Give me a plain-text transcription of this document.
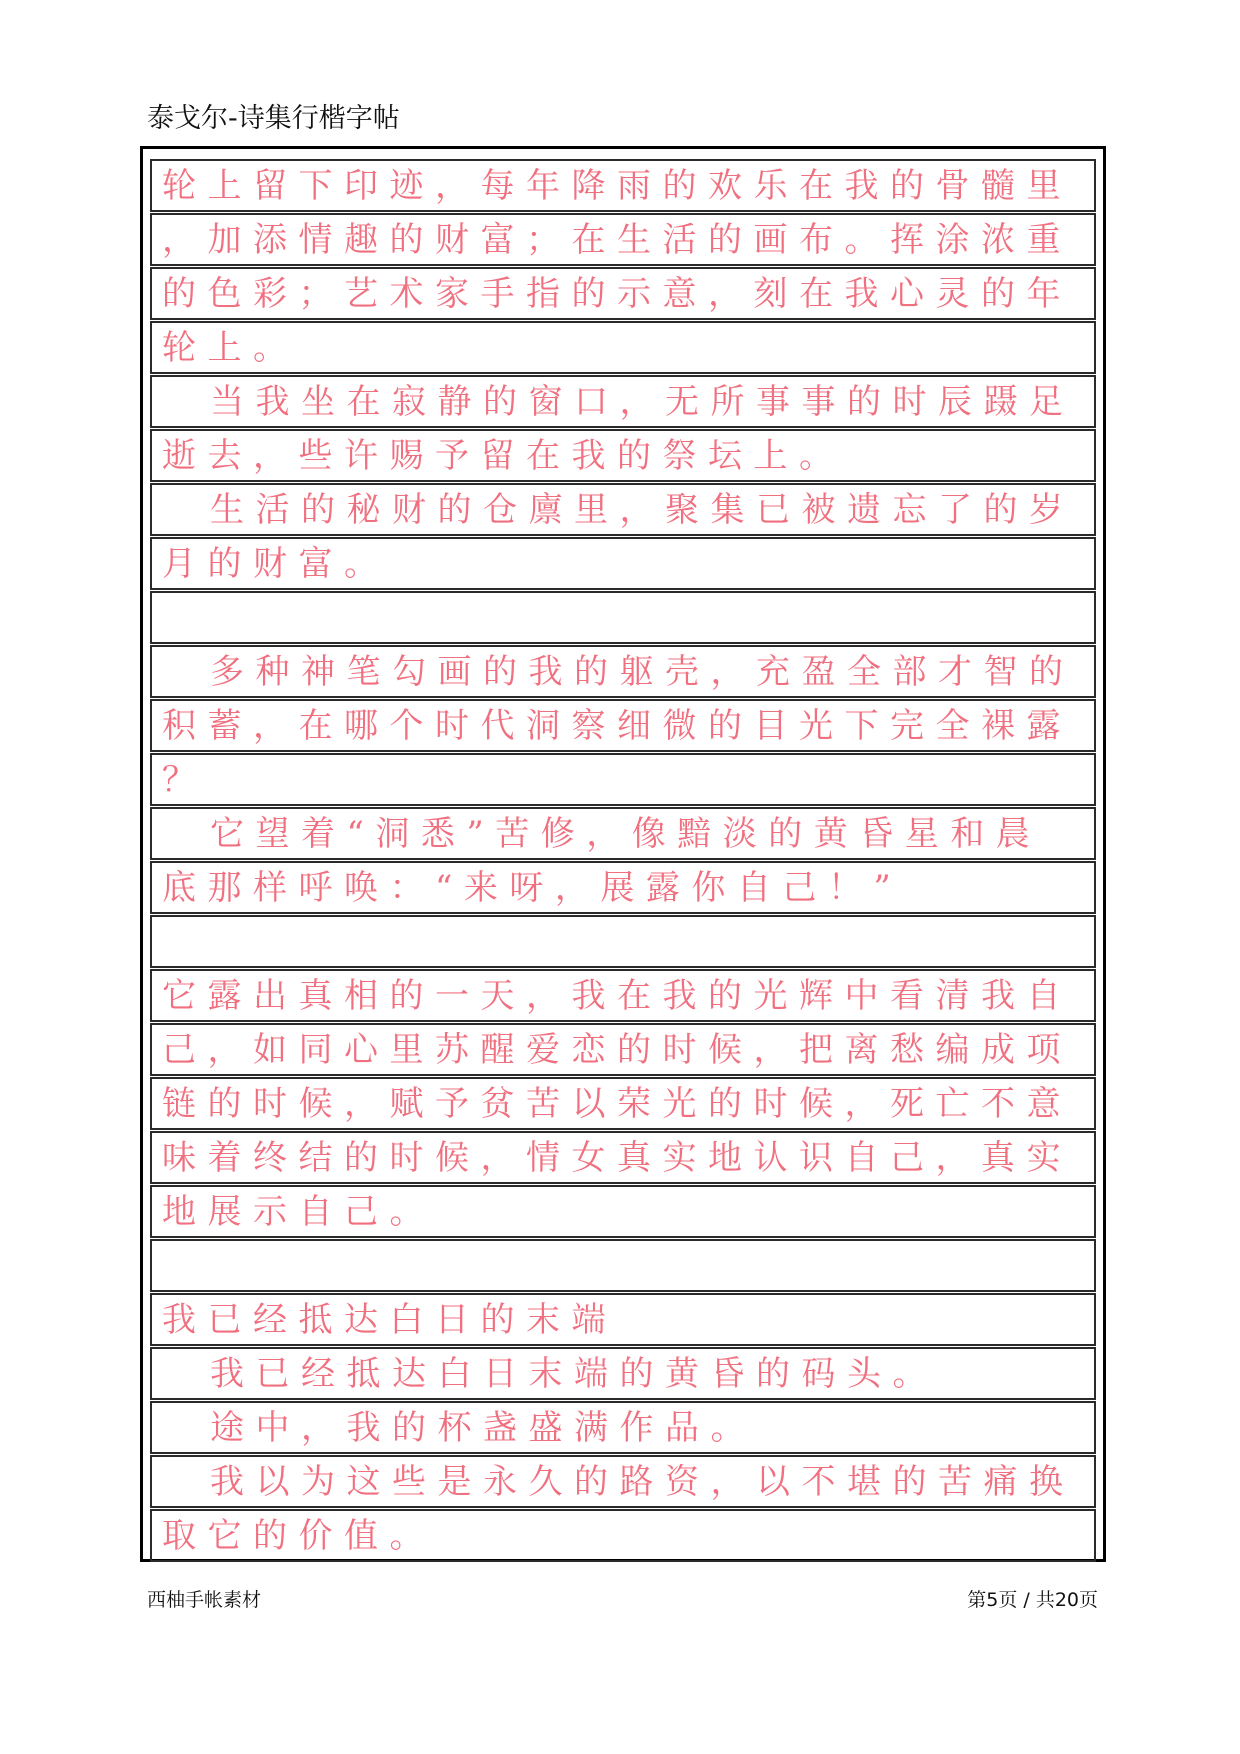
泰戈尔-诗集行楷字帖
轮上留下印迹，每年降雨的欢乐在我的骨髓里
，加添情趣的财富；在生活的画布。挥涂浓重
的色彩；艺术家手指的示意，刻在我心灵的年
轮上。
当我坐在寂静的窗口，无所事事的时辰蹑足
逝去，些许赐予留在我的祭坛上。
生活的秘财的仓廪里，聚集已被遗忘了的岁
月的财富。
多种神笔勾画的我的躯壳，充盈全部才智的
积蓄，在哪个时代洞察细微的目光下完全裸露
？
它望着“洞悉”苦修，像黯淡的黄昏星和晨
底那样呼唤：“来呀，展露你自己！”
它露出真相的一天，我在我的光辉中看清我自
己，如同心里苏醒爱恋的时候，把离愁编成项
链的时候，赋予贫苦以荣光的时候，死亡不意
味着终结的时候，情女真实地认识自己，真实
地展示自己。
我已经抵达白日的末端
我已经抵达白日末端的黄昏的码头。
途中，我的杯盏盛满作品。
我以为这些是永久的路资，以不堪的苦痛换
取它的价值。
西柚手帐素材	第5页 / 共20页
